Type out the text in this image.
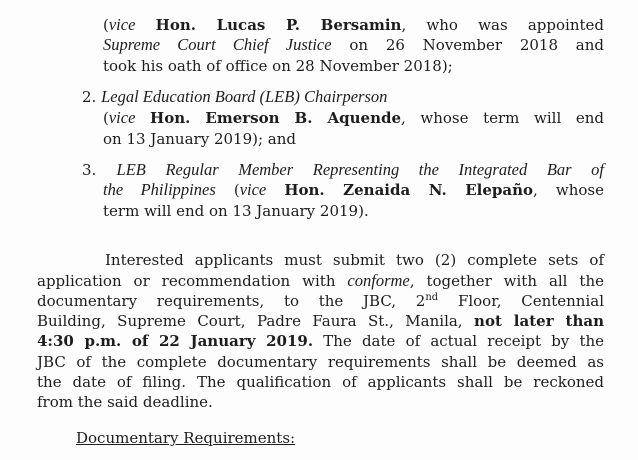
(vice Hon. Lucas P. Bersamin, who was appointed
Supreme Court Chief Justice on 26 November 2018 and
took his oath of office on 28 November 2018);
2. Legal Education Board (LEB) Chairperson
(vice Hon. Emerson B. Aquende, whose term will end
on 13 January 2019); and
3. LEB Regular Member Representing the Integrated Bar of
the Philippines (vice Hon. Zenaida N. Elepaño, whose
term will end on 13 January 2019).
Interested applicants must submit two (2) complete sets of
application or recommendation with conforme, together with all the
documentary requirements, to the JBC, 2nd Floor, Centennial
Building, Supreme Court, Padre Faura St., Manila, not later than
4:30 p.m. of 22 January 2019. The date of actual receipt by the
JBC of the complete documentary requirements shall be deemed as
the date of filing. The qualification of applicants shall be reckoned
from the said deadline.
Documentary Requirements:
